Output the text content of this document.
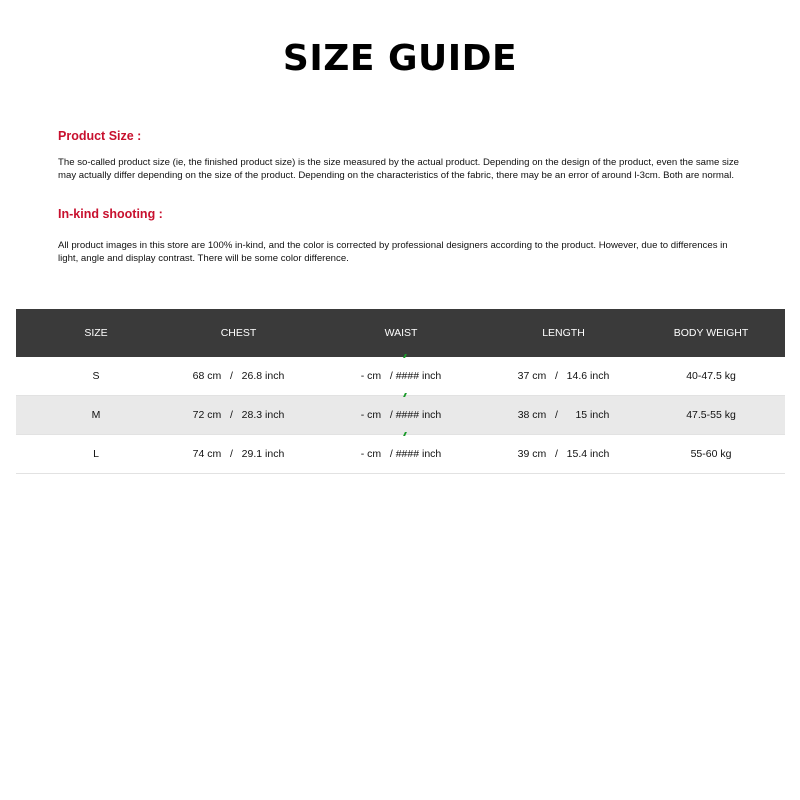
SIZE GUIDE
Product Size :
The so-called product size (ie, the finished product size) is the size measured by the actual product. Depending on the design of the product, even the same size may actually differ depending on the size of the product. Depending on the characteristics of the fabric, there may be an error of around l-3cm. Both are normal.
In-kind shooting :
All product images in this store are 100% in-kind, and the color is corrected by professional designers according to the product. However, due to differences in light, angle and display contrast. There will be some color difference.
SIZE	CHEST	WAIST	LENGTH	BODY WEIGHT
S	68 cm   /   26.8 inch	- cm   / #### inch	37 cm   /   14.6 inch	40-47.5 kg
M	72 cm   /   28.3 inch	- cm   / #### inch	38 cm   /      15 inch	47.5-55 kg
L	74 cm   /   29.1 inch	- cm   / #### inch	39 cm   /   15.4 inch	55-60 kg
